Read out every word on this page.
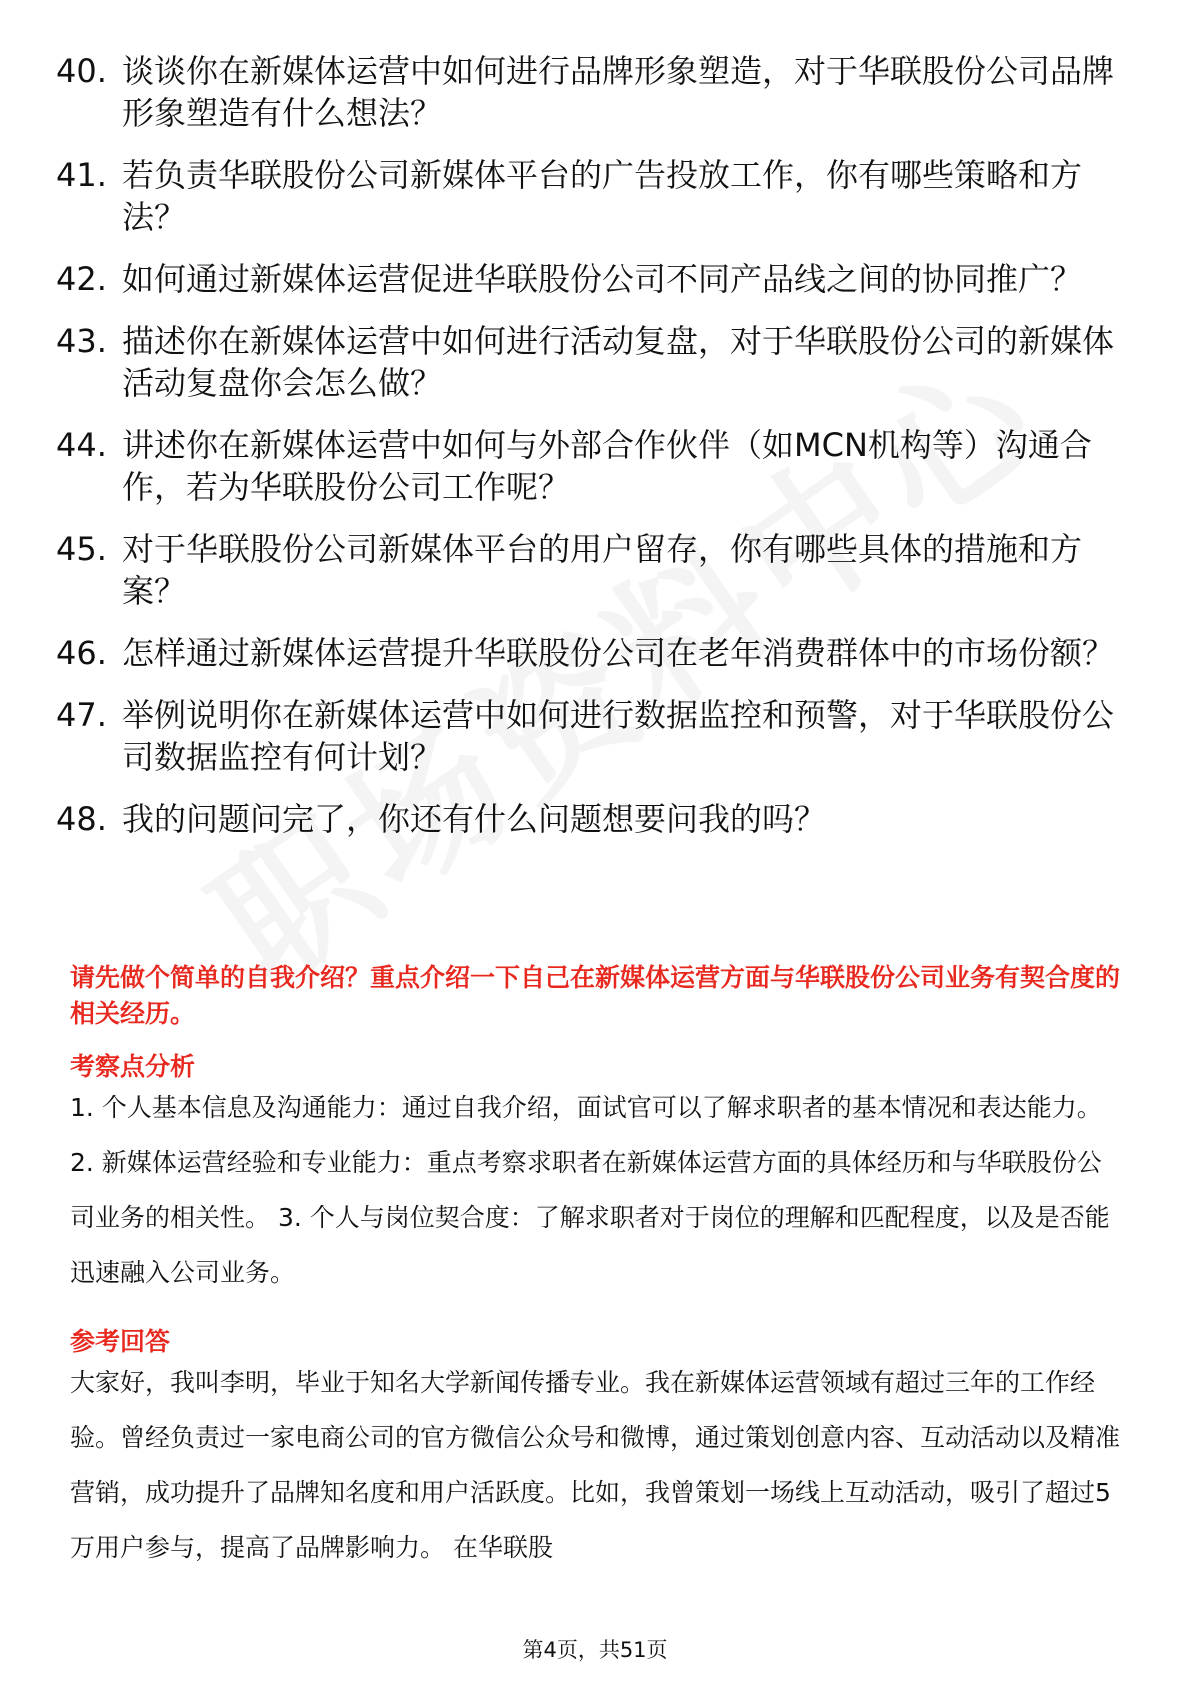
40. 谈谈你在新媒体运营中如何进行品牌形象塑造，对于华联股份公司品牌形象塑造有什么想法？
41. 若负责华联股份公司新媒体平台的广告投放工作，你有哪些策略和方法？
42. 如何通过新媒体运营促进华联股份公司不同产品线之间的协同推广？
43. 描述你在新媒体运营中如何进行活动复盘，对于华联股份公司的新媒体活动复盘你会怎么做？
44. 讲述你在新媒体运营中如何与外部合作伙伴（如MCN机构等）沟通合作，若为华联股份公司工作呢？
45. 对于华联股份公司新媒体平台的用户留存，你有哪些具体的措施和方案？
46. 怎样通过新媒体运营提升华联股份公司在老年消费群体中的市场份额？
47. 举例说明你在新媒体运营中如何进行数据监控和预警，对于华联股份公司数据监控有何计划？
48. 我的问题问完了，你还有什么问题想要问我的吗？
请先做个简单的自我介绍？重点介绍一下自己在新媒体运营方面与华联股份公司业务有契合度的相关经历。
考察点分析
1. 个人基本信息及沟通能力：通过自我介绍，面试官可以了解求职者的基本情况和表达能力。 2. 新媒体运营经验和专业能力：重点考察求职者在新媒体运营方面的具体经历和与华联股份公司业务的相关性。 3. 个人与岗位契合度：了解求职者对于岗位的理解和匹配程度，以及是否能迅速融入公司业务。
参考回答
大家好，我叫李明，毕业于知名大学新闻传播专业。我在新媒体运营领域有超过三年的工作经验。曾经负责过一家电商公司的官方微信公众号和微博，通过策划创意内容、互动活动以及精准营销，成功提升了品牌知名度和用户活跃度。比如，我曾策划一场线上互动活动，吸引了超过5万用户参与，提高了品牌影响力。 在华联股
第4页，共51页
